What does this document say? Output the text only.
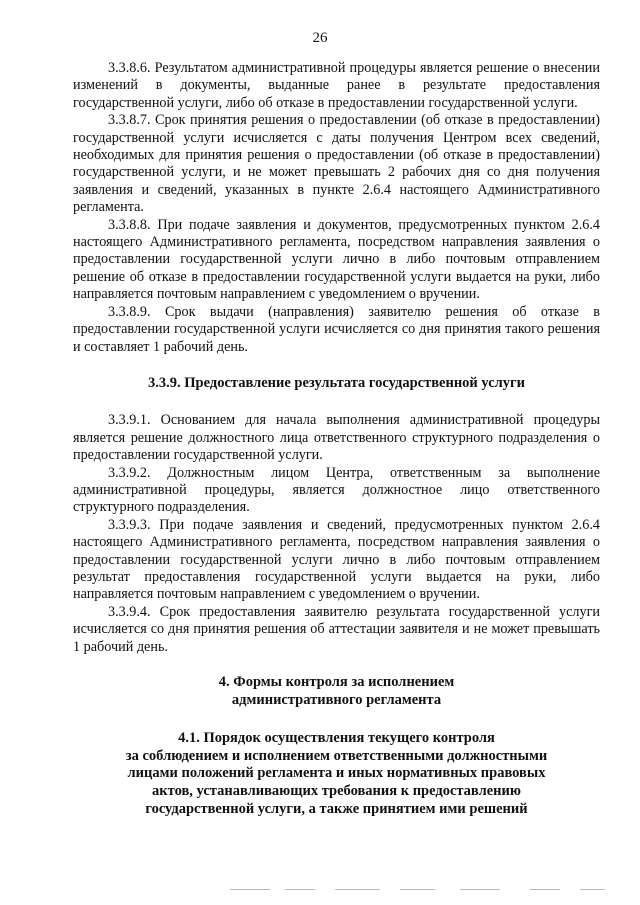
26

3.3.8.6. Результатом административной процедуры является решение о внесении изменений в документы, выданные ранее в результате предоставления государственной услуги, либо об отказе в предоставлении государственной услуги.

3.3.8.7. Срок принятия решения о предоставлении (об отказе в предоставлении) государственной услуги исчисляется с даты получения Центром всех сведений, необходимых для принятия решения о предоставлении (об отказе в предоставлении) государственной услуги, и не может превышать 2 рабочих дня со дня получения заявления и сведений, указанных в пункте 2.6.4 настоящего Административного регламента.

3.3.8.8. При подаче заявления и документов, предусмотренных пунктом 2.6.4 настоящего Административного регламента, посредством направления заявления о предоставлении государственной услуги лично в либо почтовым отправлением решение об отказе в предоставлении государственной услуги выдается на руки, либо направляется почтовым направлением с уведомлением о вручении.

3.3.8.9. Срок выдачи (направления) заявителю решения об отказе в предоставлении государственной услуги исчисляется со дня принятия такого решения и составляет 1 рабочий день.

3.3.9. Предоставление результата государственной услуги

3.3.9.1. Основанием для начала выполнения административной процедуры является решение должностного лица ответственного структурного подразделения о предоставлении государственной услуги.

3.3.9.2. Должностным лицом Центра, ответственным за выполнение административной процедуры, является должностное лицо ответственного структурного подразделения.

3.3.9.3. При подаче заявления и сведений, предусмотренных пунктом 2.6.4 настоящего Административного регламента, посредством направления заявления о предоставлении государственной услуги лично в либо почтовым отправлением результат предоставления государственной услуги выдается на руки, либо направляется почтовым направлением с уведомлением о вручении.

3.3.9.4. Срок предоставления заявителю результата государственной услуги исчисляется со дня принятия решения об аттестации заявителя и не может превышать 1 рабочий день.

4. Формы контроля за исполнением
административного регламента
4.1. Порядок осуществления текущего контроля
за соблюдением и исполнением ответственными должностными
лицами положений регламента и иных нормативных правовых
актов, устанавливающих требования к предоставлению
государственной услуги, а также принятием ими решений
